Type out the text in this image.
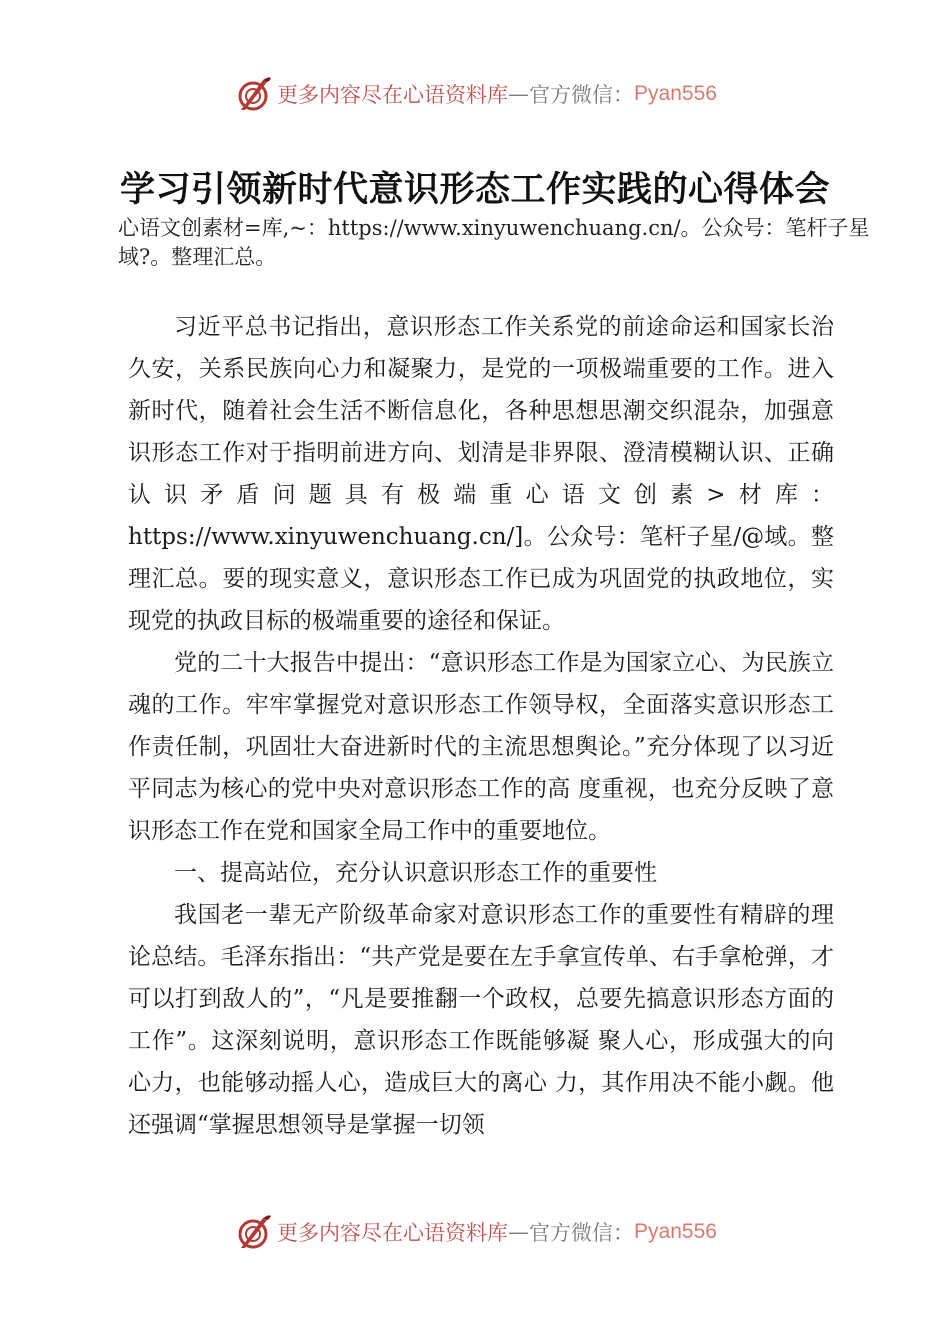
更多内容尽在心语资料库 — 官方微信： Pyan556
学习引领新时代意识形态工作实践的心得体会
心语文创素材=库,~：https://www.xinyuwenchuang.cn/。公众号：笔杆子星域?。整理汇总。

习近平总书记指出，意识形态工作关系党的前途命运和国家长治久安，关系民族向心力和凝聚力，是党的一项极端重要的工作。进入新时代，随着社会生活不断信息化，各种思想思潮交织混杂，加强意识形态工作对于指明前进方向、划清是非界限、澄清模糊认识、正确认识矛盾问题具有极端重心语文创素>材库：https://www.xinyuwenchuang.cn/]。公众号：笔杆子星/@域。整理汇总。要的现实意义，意识形态工作已成为巩固党的执政地位，实现党的执政目标的极端重要的途径和保证。

党的二十大报告中提出：“意识形态工作是为国家立心、为民族立魂的工作。牢牢掌握党对意识形态工作领导权，全面落实意识形态工作责任制，巩固壮大奋进新时代的主流思想舆论。”充分体现了以习近平同志为核心的党中央对意识形态工作的高 度重视，也充分反映了意识形态工作在党和国家全局工作中的重要地位。

一、提高站位，充分认识意识形态工作的重要性

我国老一辈无产阶级革命家对意识形态工作的重要性有精辟的理论总结。毛泽东指出：“共产党是要在左手拿宣传单、右手拿枪弹，才可以打到敌人的”，“凡是要推翻一个政权，总要先搞意识形态方面的工作”。这深刻说明，意识形态工作既能够凝 聚人心，形成强大的向心力，也能够动摇人心，造成巨大的离心 力，其作用决不能小觑。他还强调“掌握思想领导是掌握一切领

更多内容尽在心语资料库 — 官方微信： Pyan556
